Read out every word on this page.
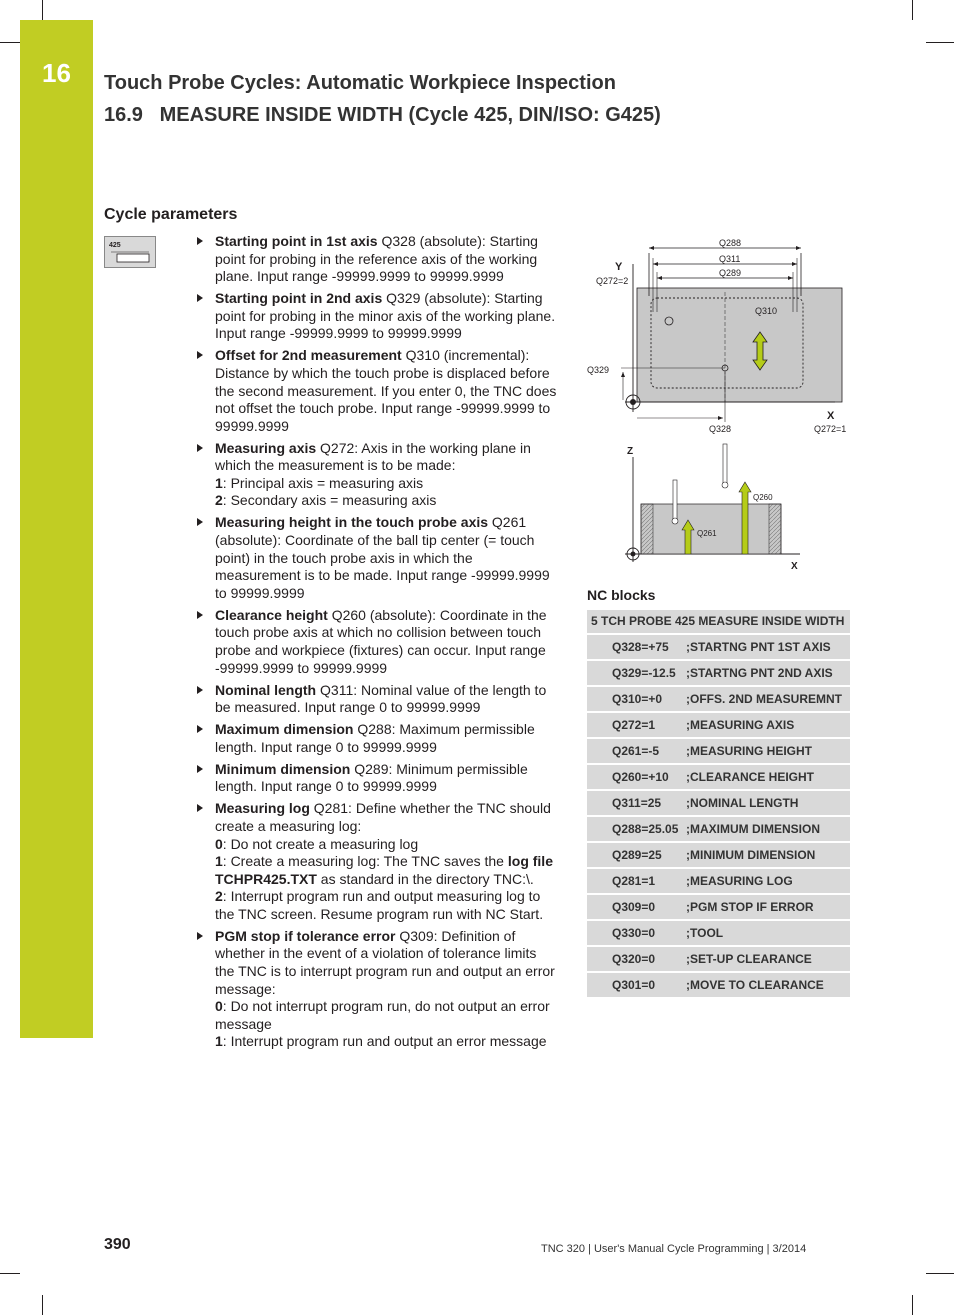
16	Touch Probe Cycles: Automatic Workpiece Inspection
16.9   MEASURE INSIDE WIDTH (Cycle 425, DIN/ISO: G425)
Cycle parameters
425	Starting point in 1st axis Q328 (absolute): Starting point for probing in the reference axis of the working plane. Input range -99999.9999 to 99999.9999
Starting point in 2nd axis Q329 (absolute): Starting point for probing in the minor axis of the working plane. Input range -99999.9999 to 99999.9999
Offset for 2nd measurement Q310 (incremental): Distance by which the touch probe is displaced before the second measurement. If you enter 0, the TNC does not offset the touch probe. Input range -99999.9999 to 99999.9999
Measuring axis Q272: Axis in the working plane in which the measurement is to be made:
1: Principal axis = measuring axis
2: Secondary axis = measuring axis
Measuring height in the touch probe axis Q261 (absolute): Coordinate of the ball tip center (= touch point) in the touch probe axis in which the measurement is to be made. Input range -99999.9999 to 99999.9999
Clearance height Q260 (absolute): Coordinate in the touch probe axis at which no collision between touch probe and workpiece (fixtures) can occur. Input range -99999.9999 to 99999.9999
Nominal length Q311: Nominal value of the length to be measured. Input range 0 to 99999.9999
Maximum dimension Q288: Maximum permissible length. Input range 0 to 99999.9999
Minimum dimension Q289: Minimum permissible length. Input range 0 to 99999.9999
Measuring log Q281: Define whether the TNC should create a measuring log:
0: Do not create a measuring log
1: Create a measuring log: The TNC saves the log file TCHPR425.TXT as standard in the directory TNC:\.
2: Interrupt program run and output measuring log to the TNC screen. Resume program run with NC Start.
PGM stop if tolerance error Q309: Definition of whether in the event of a violation of tolerance limits the TNC is to interrupt program run and output an error message:
0: Do not interrupt program run, do not output an error message
1: Interrupt program run and output an error message
Q288
Q311
Q289
Q310
Q329
Q328
Y
X
Q272=2
Q272=1
Z
X
Q260
Q261
NC blocks
5 TCH PROBE 425 MEASURE INSIDE WIDTH
Q328=+75	;STARTNG PNT 1ST AXIS
Q329=-12.5 ;STARTNG PNT 2ND AXIS
Q310=+0	;OFFS. 2ND MEASUREMNT
Q272=1	;MEASURING AXIS
Q261=-5	;MEASURING HEIGHT
Q260=+10	;CLEARANCE HEIGHT
Q311=25	;NOMINAL LENGTH
Q288=25.05 ;MAXIMUM DIMENSION
Q289=25	;MINIMUM DIMENSION
Q281=1	;MEASURING LOG
Q309=0	;PGM STOP IF ERROR
Q330=0	;TOOL
Q320=0	;SET-UP CLEARANCE
Q301=0	;MOVE TO CLEARANCE
390	TNC 320 | User's Manual Cycle Programming | 3/2014
